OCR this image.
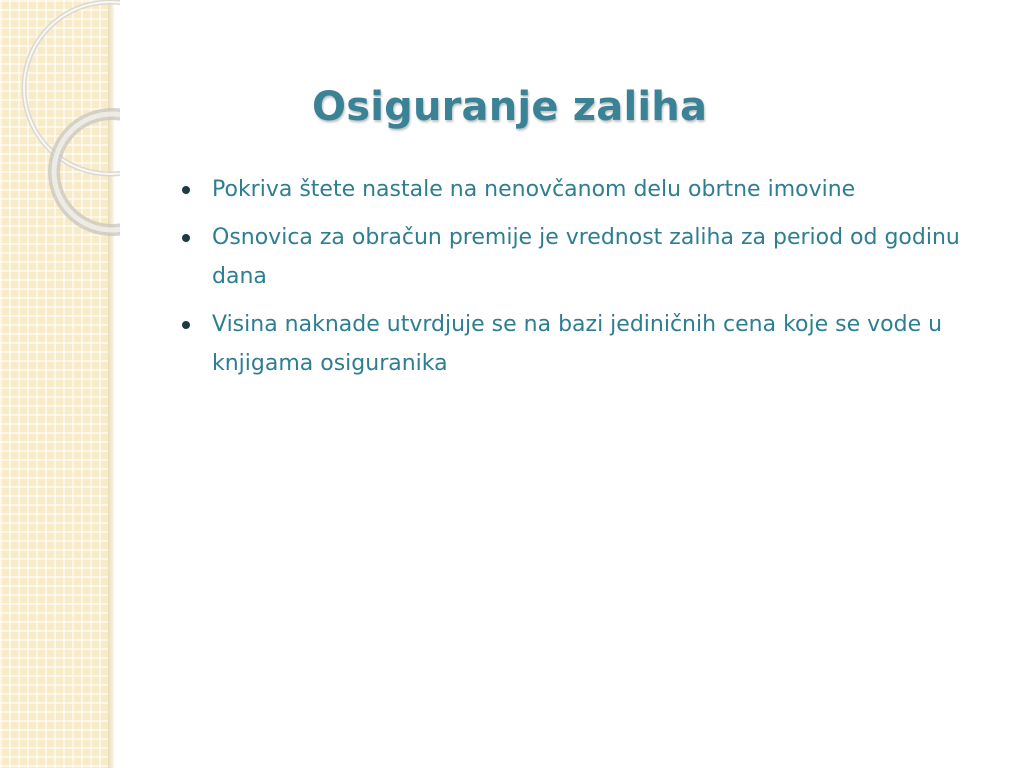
Osiguranje zaliha
Pokriva štete nastale na nenovčanom delu obrtne imovine
Osnovica za obračun premije je vrednost zaliha za period od godinu dana
Visina naknade utvrdjuje se na bazi jediničnih cena koje se vode u knjigama osiguranika
